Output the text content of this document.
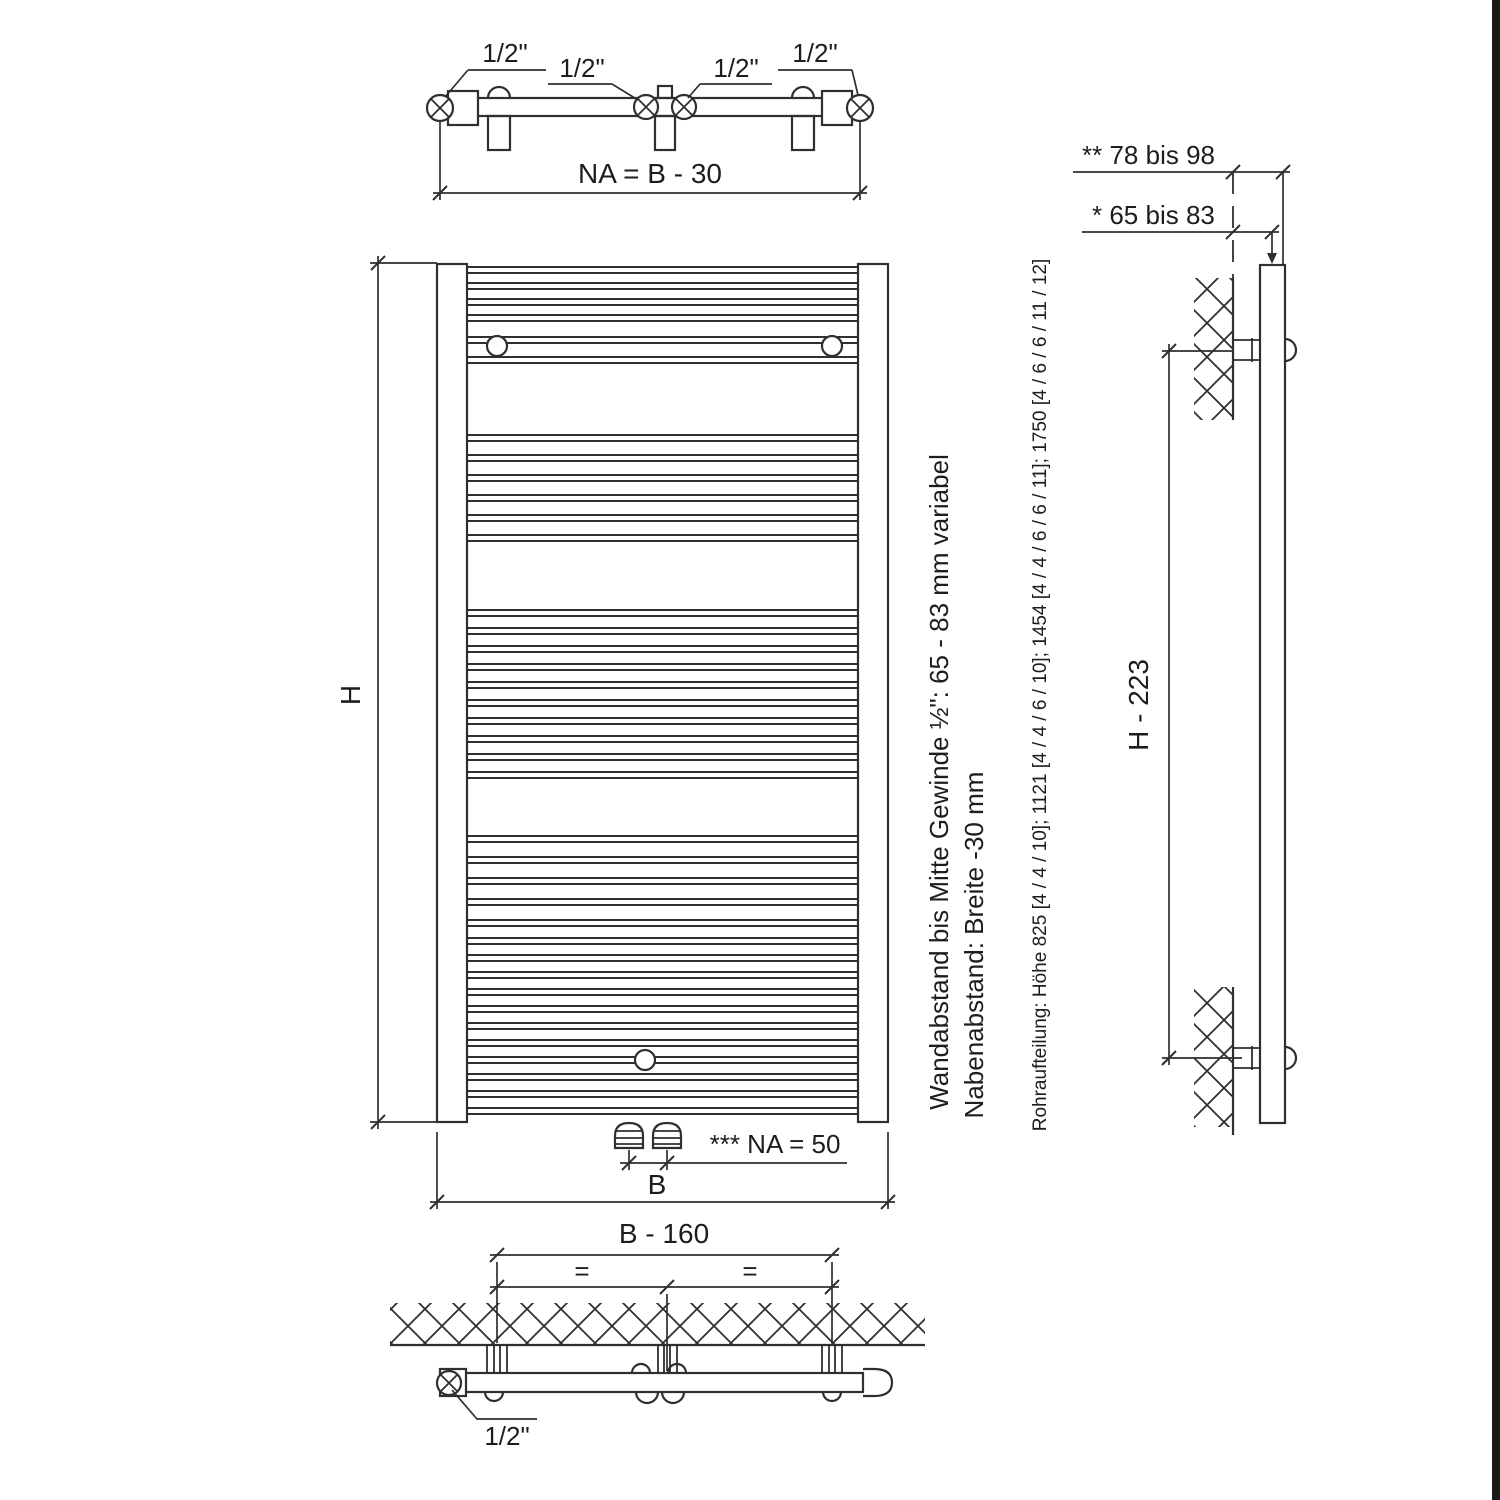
1/2" 1/2"	1/2" 1/2"
NA = B - 30
H
*** NA = 50
B
B - 160
=	=
1/2"
** 78 bis 98
* 65 bis 83
H - 223
Wandabstand bis Mitte Gewinde ½": 65 - 83 mm variabel Nabenabstand: Breite -30 mm Rohraufteilung: Höhe 825 [4 / 4 / 10]; 1121 [4 / 4 / 6 / 10]; 1454 [4 / 4 / 6 / 6 / 11]; 1750 [4 / 6 / 6 / 11 / 12]
